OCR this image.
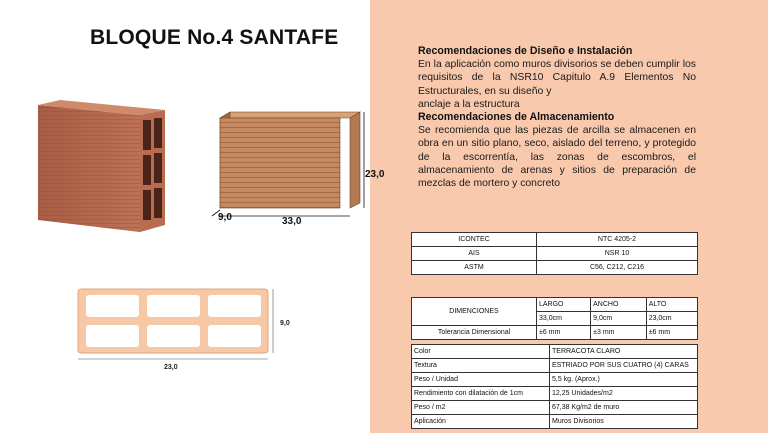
BLOQUE No.4 SANTAFE
23,0
9,0	33,0
9,0
23,0
Recomendaciones de Diseño e Instalación

En la aplicación como muros divisorios se deben cumplir los requisitos de la NSR10 Capitulo A.9 Elementos No Estructurales, en su diseño y

anclaje a la estructura

Recomendaciones de Almacenamiento

Se recomienda que las piezas de arcilla se almacenen en obra en un sitio plano, seco, aislado del terreno, y protegido de la escorrentía, las zonas de escombros, el almacenamiento de arenas y sitios de preparación de mezclas de mortero y concreto

ICONTEC	NTC 4205-2
AIS	NSR 10
ASTM	C56, C212, C216
DIMENCIONES	LARGO	ANCHO	ALTO
	33,0cm	9,0cm	23,0cm
Tolerancia Dimensional	±6 mm	±3 mm	±6 mm
Color	TERRACOTA CLARO
Textura	ESTRIADO POR SUS CUATRO (4) CARAS
Peso / Unidad	5,5 kg. (Aprox.)
Rendimiento con dilatación de 1cm	12,25 Unidades/m2
Peso / m2	67,38 Kg/m2 de muro
Aplicación	Muros Divisorios
